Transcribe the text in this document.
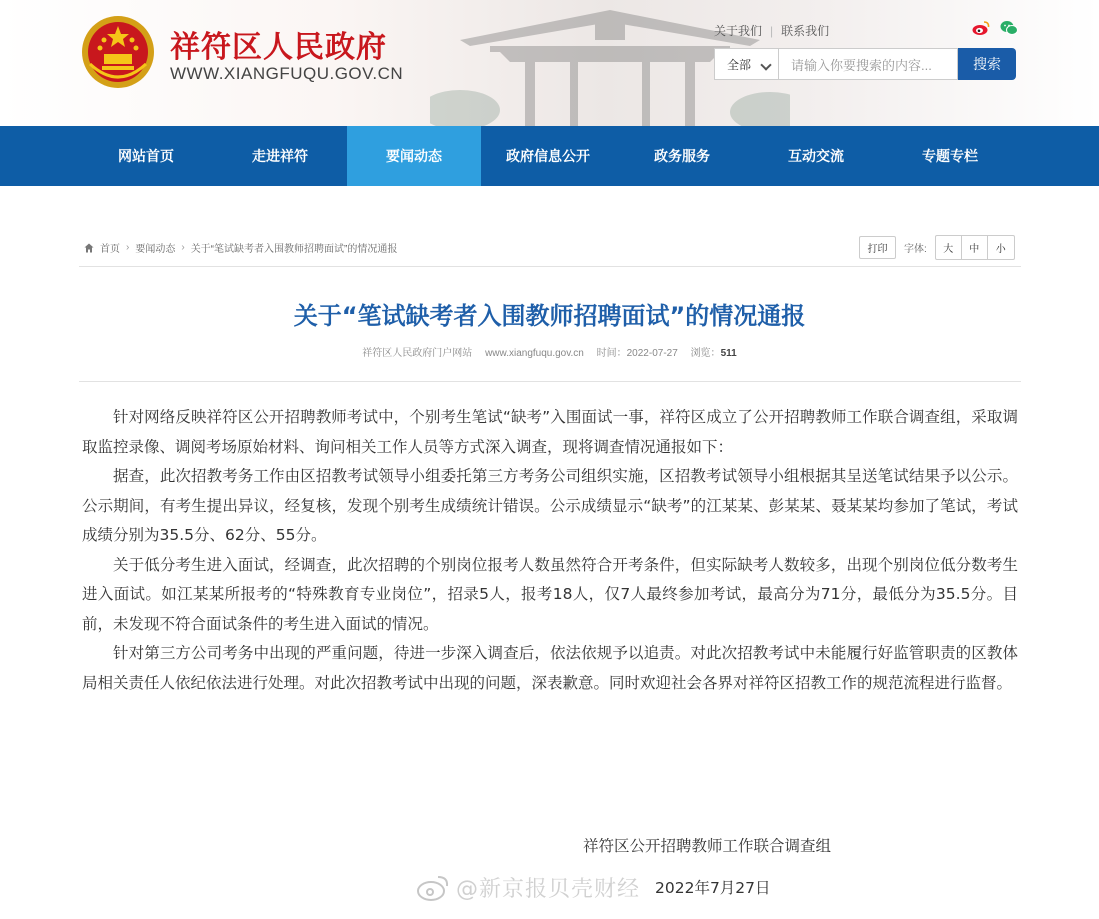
祥符区人民政府
WWW.XIANGFUQU.GOV.CN
关于我们 | 联系我们
全部	请输入你要搜索的内容...	搜索
网站首页	走进祥符	要闻动态	政府信息公开	政务服务	互动交流	专题专栏
首页 › 要闻动态 › 关于“笔试缺考者入围教师招聘面试”的情况通报	打印	字体:	大	中	小
关于“笔试缺考者入围教师招聘面试”的情况通报
祥符区人民政府门户网站 www.xiangfuqu.gov.cn 时间：2022-07-27 浏览：511

针对网络反映祥符区公开招聘教师考试中，个别考生笔试“缺考”入围面试一事，祥符区成立了公开招聘教师工作联合调查组，采取调取监控录像、调阅考场原始材料、询问相关工作人员等方式深入调查，现将调查情况通报如下：

据查，此次招教考务工作由区招教考试领导小组委托第三方考务公司组织实施，区招教考试领导小组根据其呈送笔试结果予以公示。公示期间，有考生提出异议，经复核，发现个别考生成绩统计错误。公示成绩显示“缺考”的江某某、彭某某、聂某某均参加了笔试，考试成绩分别为35.5分、62分、55分。

关于低分考生进入面试，经调查，此次招聘的个别岗位报考人数虽然符合开考条件，但实际缺考人数较多，出现个别岗位低分数考生进入面试。如江某某所报考的“特殊教育专业岗位”，招录5人，报考18人，仅7人最终参加考试，最高分为71分，最低分为35.5分。目前，未发现不符合面试条件的考生进入面试的情况。

针对第三方公司考务中出现的严重问题，待进一步深入调查后，依法依规予以追责。对此次招教考试中未能履行好监管职责的区教体局相关责任人依纪依法进行处理。对此次招教考试中出现的问题，深表歉意。同时欢迎社会各界对祥符区招教工作的规范流程进行监督。

祥符区公开招聘教师工作联合调查组
@新京报贝壳财经 2022年7月27日
